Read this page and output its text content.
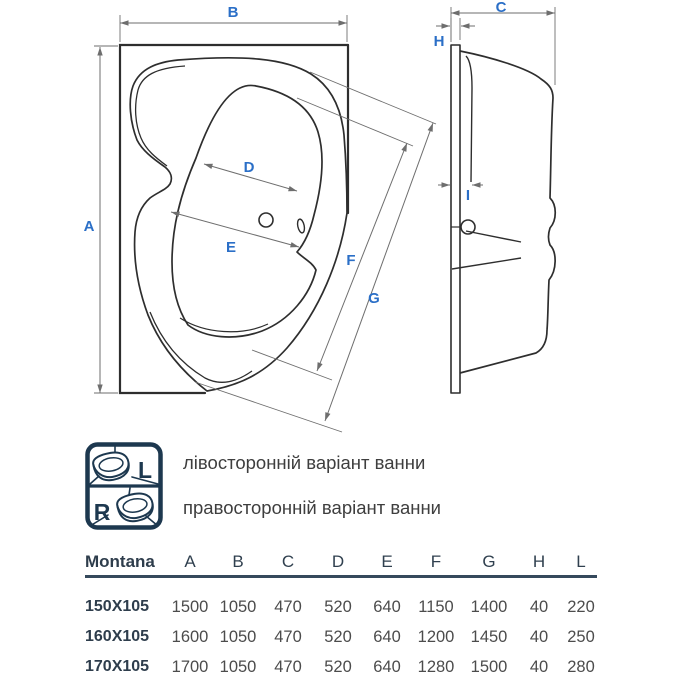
B
A
D
E
F
G
C
H
I
L
R
лівосторонній варіант ванни
правосторонній варіант ванни
Montana	A	B	C	D	E	F	G	H	L
150X105	1500 1050	470	520	640	1150	1400	40	220
160X105	1600 1050	470	520	640	1200 1450	40	250
170X105	1700 1050	470	520	640	1280 1500	40	280
